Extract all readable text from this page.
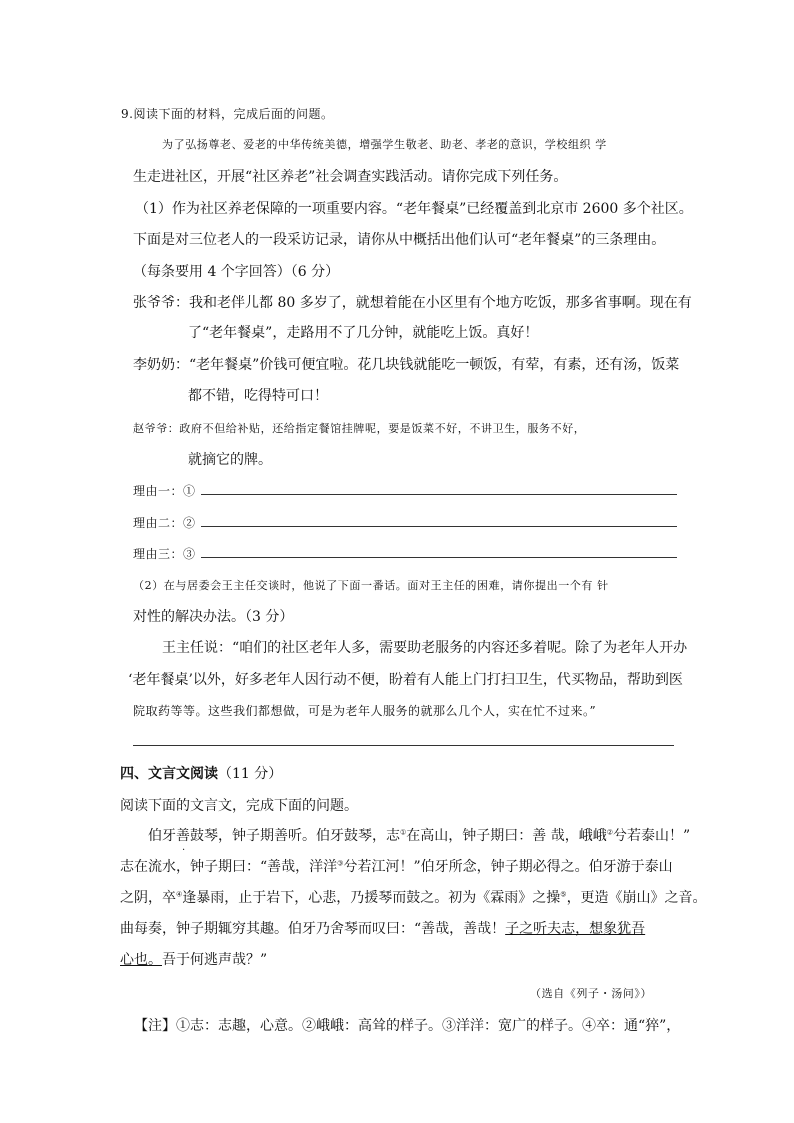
9.阅读下面的材料，完成后面的问题。
为了弘扬尊老、爱老的中华传统美德，增强学生敬老、助老、孝老的意识，学校组织 学
生走进社区，开展“社区养老”社会调查实践活动。请你完成下列任务。
（1）作为社区养老保障的一项重要内容。“老年餐桌”已经覆盖到北京市 2600 多个社区。
下面是对三位老人的一段采访记录，请你从中概括出他们认可“老年餐桌”的三条理由。
（每条要用 4 个字回答）（6 分）
张爷爷：我和老伴儿都 80 多岁了，就想着能在小区里有个地方吃饭，那多省事啊。现在有
了“老年餐桌”，走路用不了几分钟，就能吃上饭。真好！
李奶奶：“老年餐桌”价钱可便宜啦。花几块钱就能吃一顿饭，有荤，有素，还有汤，饭菜
都不错，吃得特可口！
赵爷爷：政府不但给补贴，还给指定餐馆挂牌呢，要是饭菜不好，不讲卫生，服务不好，
就摘它的牌。
理由一：①
理由二：②
理由三：③
（2）在与居委会王主任交谈时，他说了下面一番话。面对王主任的困难，请你提出一个有 针
对性的解决办法。（3 分）
王主任说：“咱们的社区老年人多，需要助老服务的内容还多着呢。除了为老年人开办
‘老年餐桌’以外，好多老年人因行动不便，盼着有人能上门打扫卫生，代买物品，帮助到医
院取药等等。这些我们都想做，可是为老年人服务的就那么几个人，实在忙不过来。”
四、文言文阅读（11 分）
阅读下面的文言文，完成下面的问题。
伯牙善
.
鼓琴，钟子期善听。伯牙鼓琴，志①在高山，钟子期曰：善 哉，峨峨②兮若泰山！”
志在流水，钟子期曰：“善哉，洋洋③兮若江河！”伯牙所念，钟子期必得之。伯牙游于泰山
之阴，卒④逢暴雨，止于岩下，心悲，乃援琴而鼓之。初为《霖雨》之操⑤，更造《崩山》之音。
曲每奏，钟子期辄穷其趣。伯牙乃舍琴而叹曰：“善哉，善哉！子之听夫志，想象犹吾
心也。吾于何逃声哉？”
（选自《列子・汤问》）
【注】①志：志趣，心意。②峨峨：高耸的样子。③洋洋：宽广的样子。④卒：通“猝”，
